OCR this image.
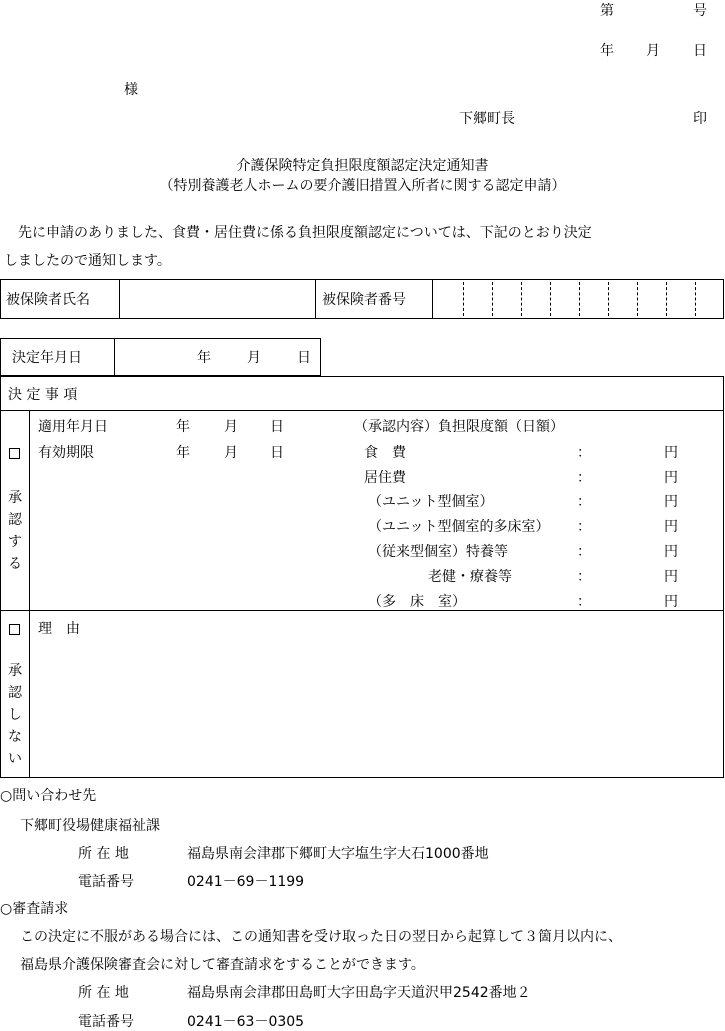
第	号
年 月 日
様
下郷町長	印
介護保険特定負担限度額認定決定通知書
（特別養護老人ホームの要介護旧措置入所者に関する認定申請）
　先に申請のありました、食費・居住費に係る負担限度額認定については、下記のとおり決定
しましたので通知します。
被保険者氏名	被保険者番号
決定年月日	年	月	日
決 定 事 項
承認する
適用年月日	年 月 日
有効期限	年 月 日
（承認内容）負担限度額（日額）
食　費	：	円
居住費	：	円
（ユニット型個室）	：	円
（ユニット型個室的多床室） ：	円
（従来型個室）特養等	：	円
老健・療養等	：	円
（多　床　室）	：	円
承認しない
理　由
○問い合わせ先
下郷町役場健康福祉課
所 在 地	福島県南会津郡下郷町大字塩生字大石1000番地
電話番号	0241－69－1199
○審査請求
この決定に不服がある場合には、この通知書を受け取った日の翌日から起算して３箇月以内に、
福島県介護保険審査会に対して審査請求をすることができます。
所 在 地	福島県南会津郡田島町大字田島字天道沢甲2542番地２
電話番号	0241－63－0305
